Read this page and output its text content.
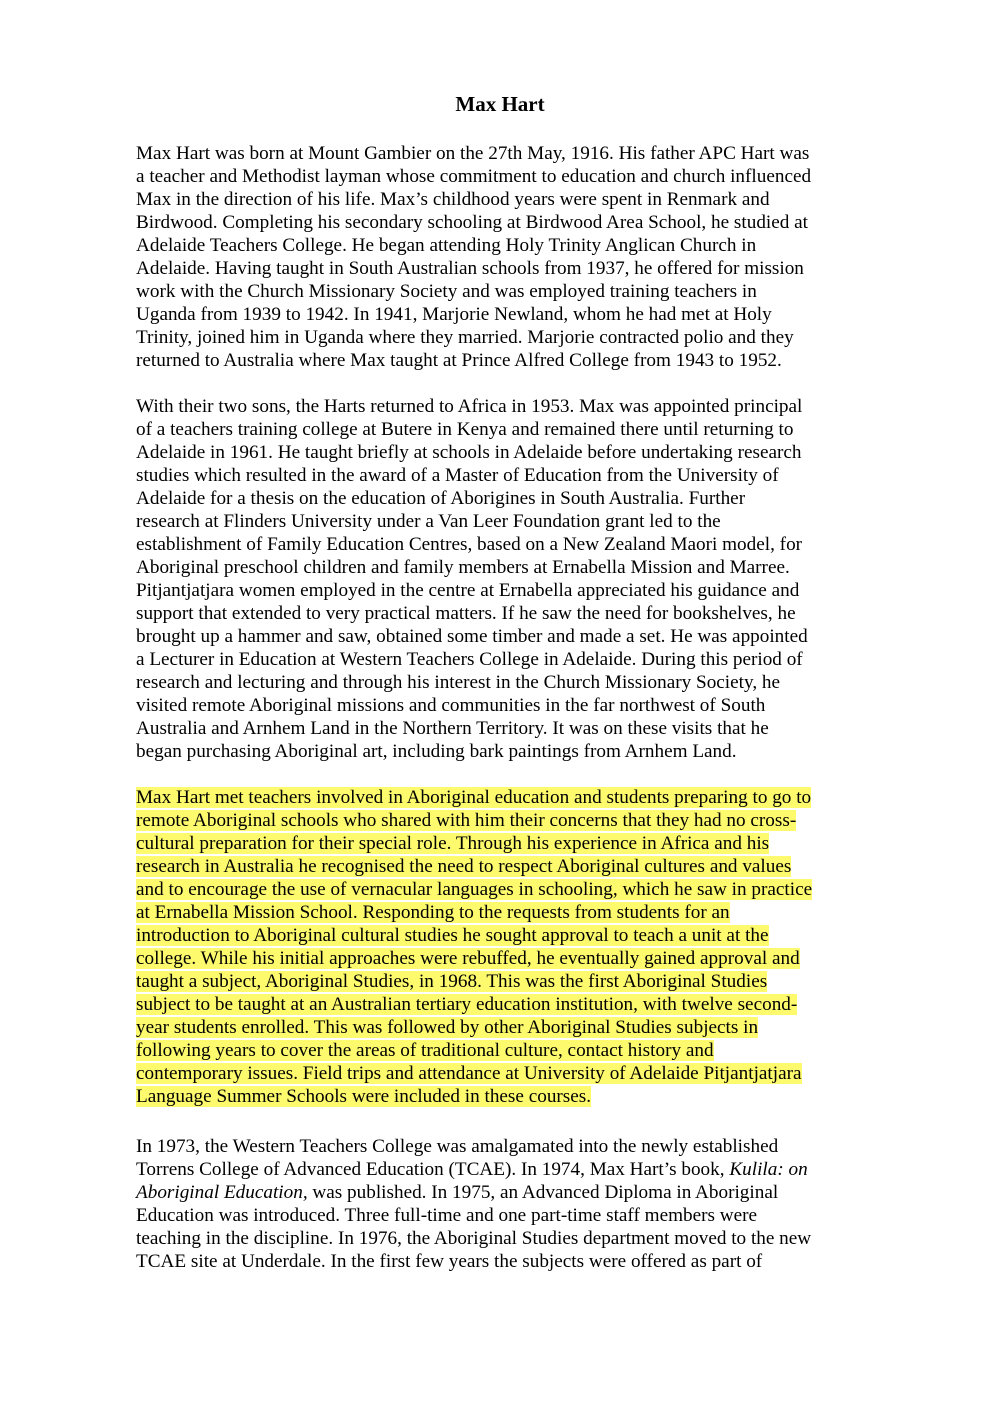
Max Hart

Max Hart was born at Mount Gambier on the 27th May, 1916. His father APC Hart was

a teacher and Methodist layman whose commitment to education and church influenced

Max in the direction of his life. Max’s childhood years were spent in Renmark and

Birdwood. Completing his secondary schooling at Birdwood Area School, he studied at

Adelaide Teachers College. He began attending Holy Trinity Anglican Church in

Adelaide. Having taught in South Australian schools from 1937, he offered for mission

work with the Church Missionary Society and was employed training teachers in

Uganda from 1939 to 1942. In 1941, Marjorie Newland, whom he had met at Holy

Trinity, joined him in Uganda where they married. Marjorie contracted polio and they

returned to Australia where Max taught at Prince Alfred College from 1943 to 1952.

With their two sons, the Harts returned to Africa in 1953. Max was appointed principal

of a teachers training college at Butere in Kenya and remained there until returning to

Adelaide in 1961. He taught briefly at schools in Adelaide before undertaking research

studies which resulted in the award of a Master of Education from the University of

Adelaide for a thesis on the education of Aborigines in South Australia. Further

research at Flinders University under a Van Leer Foundation grant led to the

establishment of Family Education Centres, based on a New Zealand Maori model, for

Aboriginal preschool children and family members at Ernabella Mission and Marree.

Pitjantjatjara women employed in the centre at Ernabella appreciated his guidance and

support that extended to very practical matters. If he saw the need for bookshelves, he

brought up a hammer and saw, obtained some timber and made a set. He was appointed

a Lecturer in Education at Western Teachers College in Adelaide. During this period of

research and lecturing and through his interest in the Church Missionary Society, he

visited remote Aboriginal missions and communities in the far northwest of South

Australia and Arnhem Land in the Northern Territory. It was on these visits that he

began purchasing Aboriginal art, including bark paintings from Arnhem Land.

Max Hart met teachers involved in Aboriginal education and students preparing to go to

remote Aboriginal schools who shared with him their concerns that they had no cross-

cultural preparation for their special role. Through his experience in Africa and his

research in Australia he recognised the need to respect Aboriginal cultures and values

and to encourage the use of vernacular languages in schooling, which he saw in practice

at Ernabella Mission School. Responding to the requests from students for an

introduction to Aboriginal cultural studies he sought approval to teach a unit at the

college. While his initial approaches were rebuffed, he eventually gained approval and

taught a subject, Aboriginal Studies, in 1968. This was the first Aboriginal Studies

subject to be taught at an Australian tertiary education institution, with twelve second-

year students enrolled. This was followed by other Aboriginal Studies subjects in

following years to cover the areas of traditional culture, contact history and

contemporary issues. Field trips and attendance at University of Adelaide Pitjantjatjara

Language Summer Schools were included in these courses.

In 1973, the Western Teachers College was amalgamated into the newly established

Torrens College of Advanced Education (TCAE). In 1974, Max Hart’s book, Kulila: on

Aboriginal Education, was published. In 1975, an Advanced Diploma in Aboriginal

Education was introduced. Three full-time and one part-time staff members were

teaching in the discipline. In 1976, the Aboriginal Studies department moved to the new

TCAE site at Underdale. In the first few years the subjects were offered as part of
